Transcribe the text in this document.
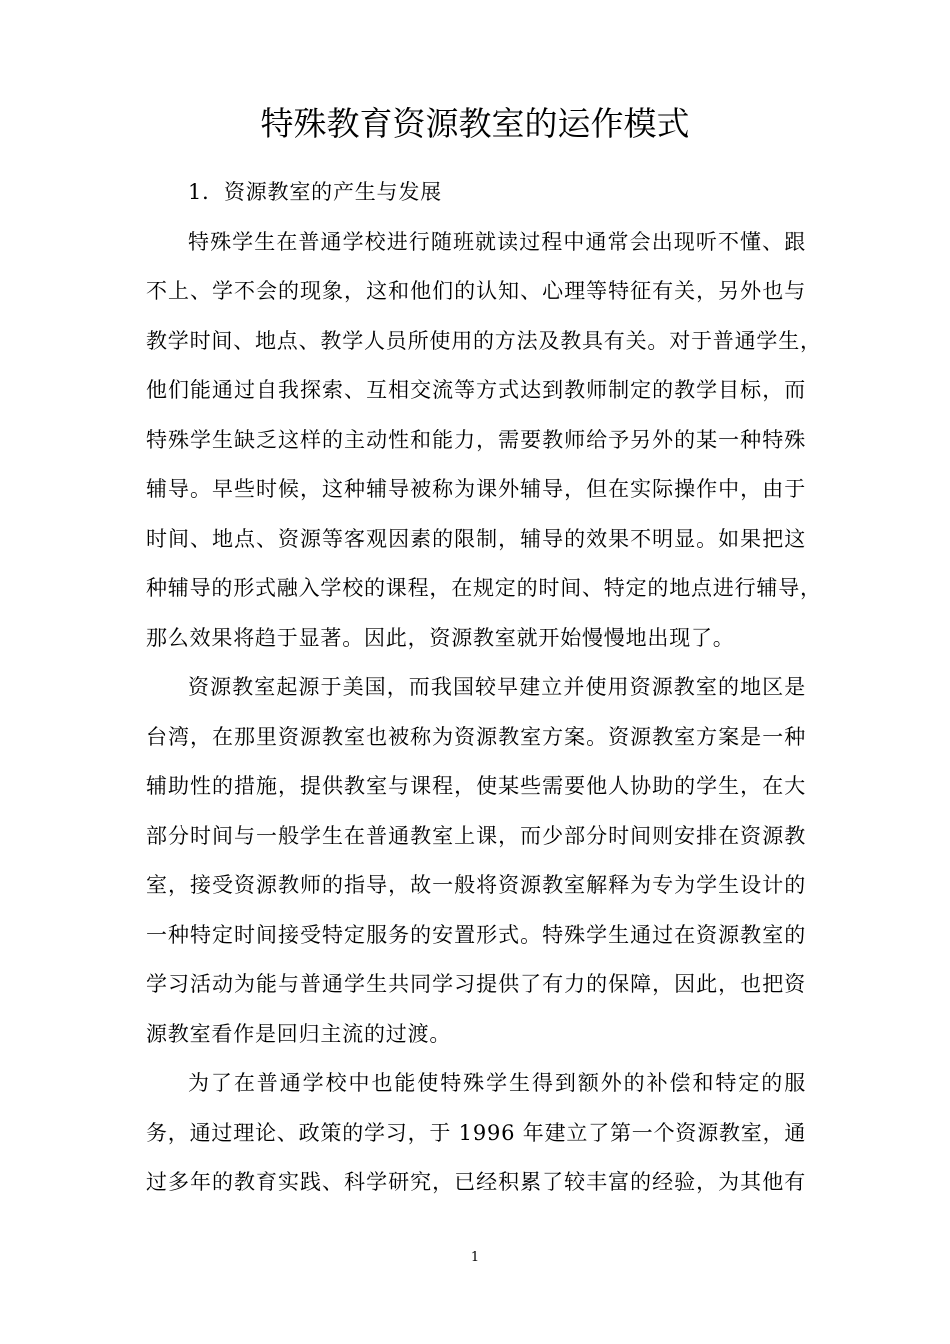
特殊教育资源教室的运作模式

1．资源教室的产生与发展

特殊学生在普通学校进行随班就读过程中通常会出现听不懂、跟
不上、学不会的现象，这和他们的认知、心理等特征有关，另外也与
教学时间、地点、教学人员所使用的方法及教具有关。对于普通学生，
他们能通过自我探索、互相交流等方式达到教师制定的教学目标，而
特殊学生缺乏这样的主动性和能力，需要教师给予另外的某一种特殊
辅导。早些时候，这种辅导被称为课外辅导，但在实际操作中，由于
时间、地点、资源等客观因素的限制，辅导的效果不明显。如果把这
种辅导的形式融入学校的课程，在规定的时间、特定的地点进行辅导，
那么效果将趋于显著。因此，资源教室就开始慢慢地出现了。
资源教室起源于美国，而我国较早建立并使用资源教室的地区是
台湾，在那里资源教室也被称为资源教室方案。资源教室方案是一种
辅助性的措施，提供教室与课程，使某些需要他人协助的学生，在大
部分时间与一般学生在普通教室上课，而少部分时间则安排在资源教
室，接受资源教师的指导，故一般将资源教室解释为专为学生设计的
一种特定时间接受特定服务的安置形式。特殊学生通过在资源教室的
学习活动为能与普通学生共同学习提供了有力的保障，因此，也把资
源教室看作是回归主流的过渡。
为了在普通学校中也能使特殊学生得到额外的补偿和特定的服
务，通过理论、政策的学习，于 1996 年建立了第一个资源教室，通
过多年的教育实践、科学研究，已经积累了较丰富的经验，为其他有
1
